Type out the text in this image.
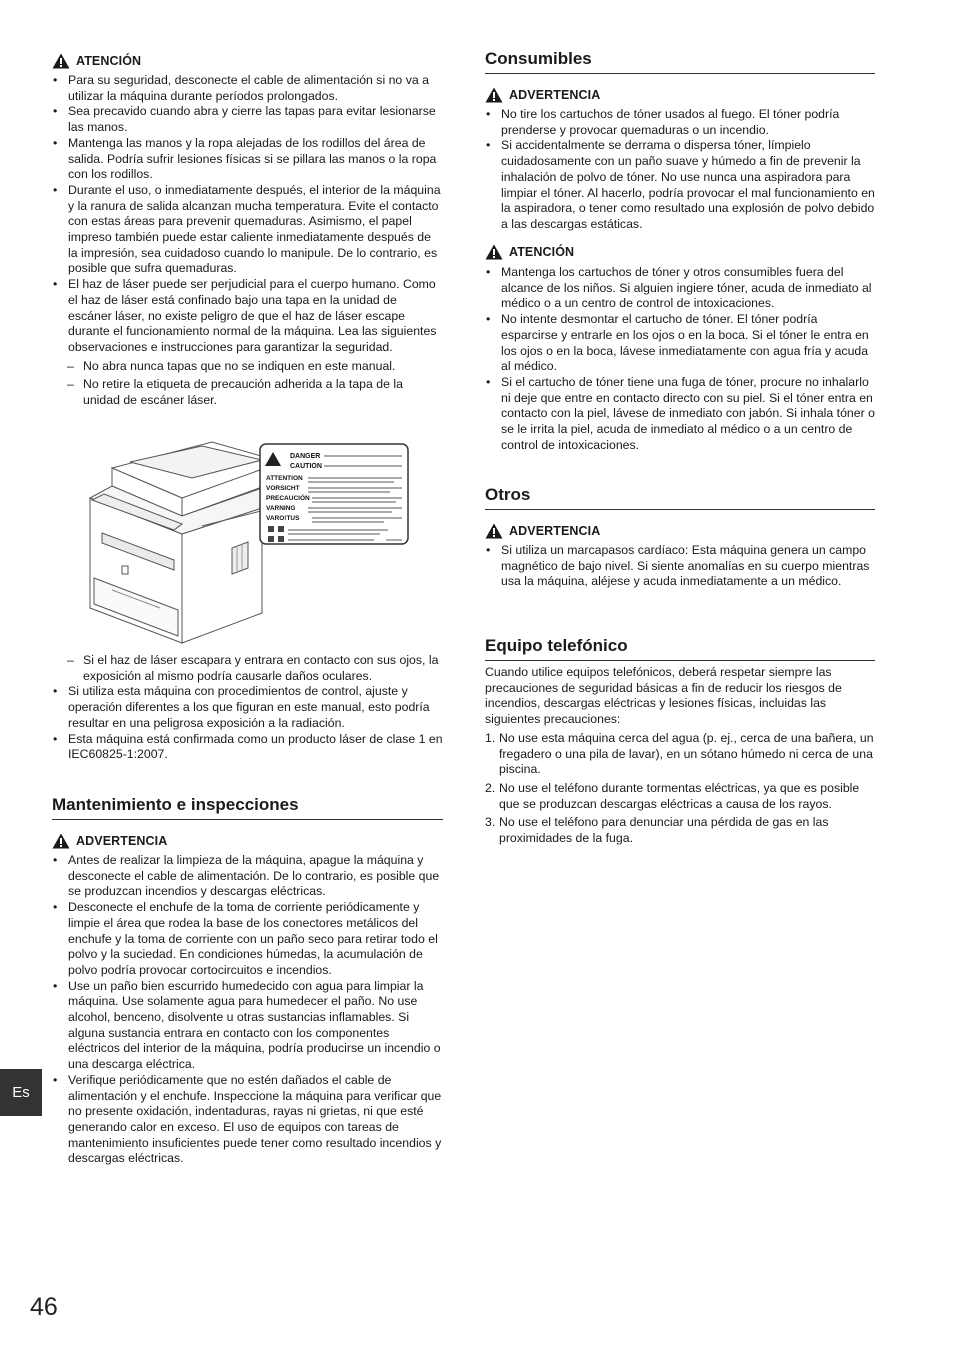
ATENCIÓN

• Para su seguridad, desconecte el cable de alimentación si no va a utilizar la máquina durante períodos prolongados.

• Sea precavido cuando abra y cierre las tapas para evitar lesionarse las manos.

• Mantenga las manos y la ropa alejadas de los rodillos del área de salida. Podría sufrir lesiones físicas si se pillara las manos o la ropa con los rodillos.

• Durante el uso, o inmediatamente después, el interior de la máquina y la ranura de salida alcanzan mucha temperatura. Evite el contacto con estas áreas para prevenir quemaduras. Asimismo, el papel impreso también puede estar caliente inmediatamente después de la impresión, sea cuidadoso cuando lo manipule. De lo contrario, es posible que sufra quemaduras.

• El haz de láser puede ser perjudicial para el cuerpo humano. Como el haz de láser está confinado bajo una tapa en la unidad de escáner láser, no existe peligro de que el haz de láser escape durante el funcionamiento normal de la máquina. Lea las siguientes observaciones e instrucciones para garantizar la seguridad.

– No abra nunca tapas que no se indiquen en este manual.

– No retire la etiqueta de precaución adherida a la tapa de la unidad de escáner láser.

DANGER
CAUTION
ATTENTION
VORSICHT
PRECAUCIÓN
VARNING
VARO!TUS

– Si el haz de láser escapara y entrara en contacto con sus ojos, la exposición al mismo podría causarle daños oculares.

• Si utiliza esta máquina con procedimientos de control, ajuste y operación diferentes a los que figuran en este manual, esto podría resultar en una peligrosa exposición a la radiación.

• Esta máquina está confirmada como un producto láser de clase 1 en IEC60825-1:2007.

Mantenimiento e inspecciones
ADVERTENCIA

• Antes de realizar la limpieza de la máquina, apague la máquina y desconecte el cable de alimentación. De lo contrario, es posible que se produzcan incendios y descargas eléctricas.

• Desconecte el enchufe de la toma de corriente periódicamente y limpie el área que rodea la base de los conectores metálicos del enchufe y la toma de corriente con un paño seco para retirar todo el polvo y la suciedad. En condiciones húmedas, la acumulación de polvo podría provocar cortocircuitos e incendios.

• Use un paño bien escurrido humedecido con agua para limpiar la máquina. Use solamente agua para humedecer el paño. No use alcohol, benceno, disolvente u otras sustancias inflamables. Si alguna sustancia entrara en contacto con los componentes eléctricos del interior de la máquina, podría producirse un incendio o una descarga eléctrica.

• Verifique periódicamente que no estén dañados el cable de alimentación y el enchufe. Inspeccione la máquina para verificar que no presente oxidación, indentaduras, rayas ni grietas, ni que esté generando calor en exceso. El uso de equipos con tareas de mantenimiento insuficientes puede tener como resultado incendios y descargas eléctricas.

Consumibles
ADVERTENCIA

• No tire los cartuchos de tóner usados al fuego. El tóner podría prenderse y provocar quemaduras o un incendio.

• Si accidentalmente se derrama o dispersa tóner, límpielo cuidadosamente con un paño suave y húmedo a fin de prevenir la inhalación de polvo de tóner. No use nunca una aspiradora para limpiar el tóner. Al hacerlo, podría provocar el mal funcionamiento en la aspiradora, o tener como resultado una explosión de polvo debido a las descargas estáticas.

ATENCIÓN

• Mantenga los cartuchos de tóner y otros consumibles fuera del alcance de los niños. Si alguien ingiere tóner, acuda de inmediato al médico o a un centro de control de intoxicaciones.

• No intente desmontar el cartucho de tóner. El tóner podría esparcirse y entrarle en los ojos o en la boca. Si el tóner le entra en los ojos o en la boca, lávese inmediatamente con agua fría y acuda al médico.

• Si el cartucho de tóner tiene una fuga de tóner, procure no inhalarlo ni deje que entre en contacto directo con su piel. Si el tóner entra en contacto con la piel, lávese de inmediato con jabón. Si inhala tóner o se le irrita la piel, acuda de inmediato al médico o a un centro de control de intoxicaciones.

Otros
ADVERTENCIA

• Si utiliza un marcapasos cardíaco: Esta máquina genera un campo magnético de bajo nivel. Si siente anomalías en su cuerpo mientras usa la máquina, aléjese y acuda inmediatamente a un médico.

Equipo telefónico

Cuando utilice equipos telefónicos, deberá respetar siempre las precauciones de seguridad básicas a fin de reducir los riesgos de incendios, descargas eléctricas y lesiones físicas, incluidas las siguientes precauciones:

1. No use esta máquina cerca del agua (p. ej., cerca de una bañera, un fregadero o una pila de lavar), en un sótano húmedo ni cerca de una piscina.

2. No use el teléfono durante tormentas eléctricas, ya que es posible que se produzcan descargas eléctricas a causa de los rayos.

3. No use el teléfono para denunciar una pérdida de gas en las proximidades de la fuga.

Es
46
